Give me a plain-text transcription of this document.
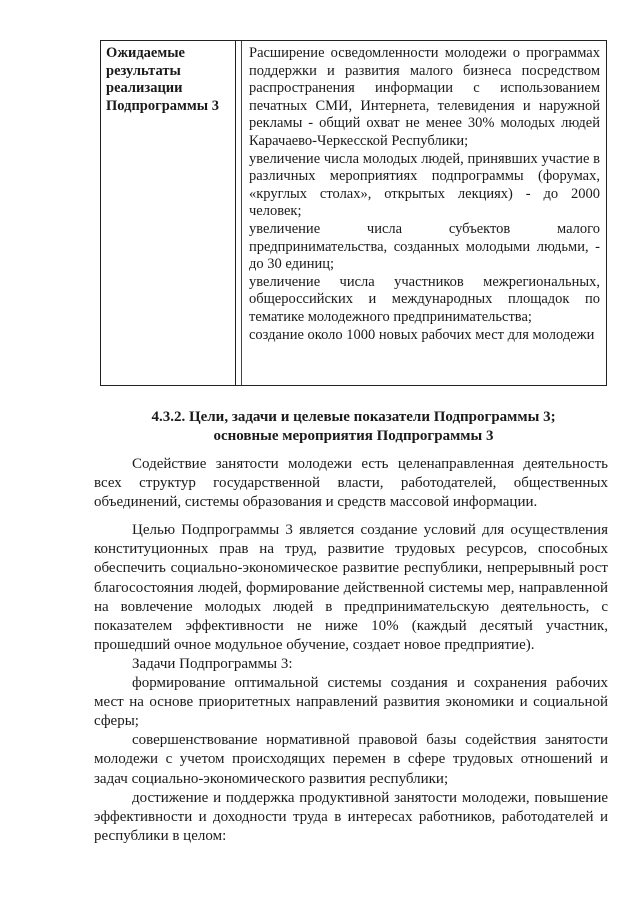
Ожидаемые
результаты
реализации
Подпрограммы 3

Расширение осведомленности молодежи о программах поддержки и развития малого бизнеса посредством распространения информации с использованием печатных СМИ, Интернета, телевидения и наружной рекламы - общий охват не менее 30% молодых людей Карачаево-Черкесской Республики;

увеличение числа молодых людей, принявших участие в различных мероприятиях подпрограммы (форумах, «круглых столах», открытых лекциях) - до 2000 человек;

увеличение числа субъектов малого предпринимательства, созданных молодыми людьми, - до 30 единиц;

увеличение числа участников межрегиональных, общероссийских и международных площадок по тематике молодежного предпринимательства;

создание около 1000 новых рабочих мест для молодежи

4.3.2. Цели, задачи и целевые показатели Подпрограммы 3;
основные мероприятия Подпрограммы 3

Содействие занятости молодежи есть целенаправленная деятельность всех структур государственной власти, работодателей, общественных объединений, системы образования и средств массовой информации.

Целью Подпрограммы 3 является создание условий для осуществления конституционных прав на труд, развитие трудовых ресурсов, способных обеспечить социально-экономическое развитие республики, непрерывный рост благосостояния людей, формирование действенной системы мер, направленной на вовлечение молодых людей в предпринимательскую деятельность, с показателем эффективности не ниже 10% (каждый десятый участник, прошедший очное модульное обучение, создает новое предприятие).

Задачи Подпрограммы 3:

формирование оптимальной системы создания и сохранения рабочих мест на основе приоритетных направлений развития экономики и социальной сферы;

совершенствование нормативной правовой базы содействия занятости молодежи с учетом происходящих перемен в сфере трудовых отношений и задач социально-экономического развития республики;

достижение и поддержка продуктивной занятости молодежи, повышение эффективности и доходности труда в интересах работников, работодателей и республики в целом:
